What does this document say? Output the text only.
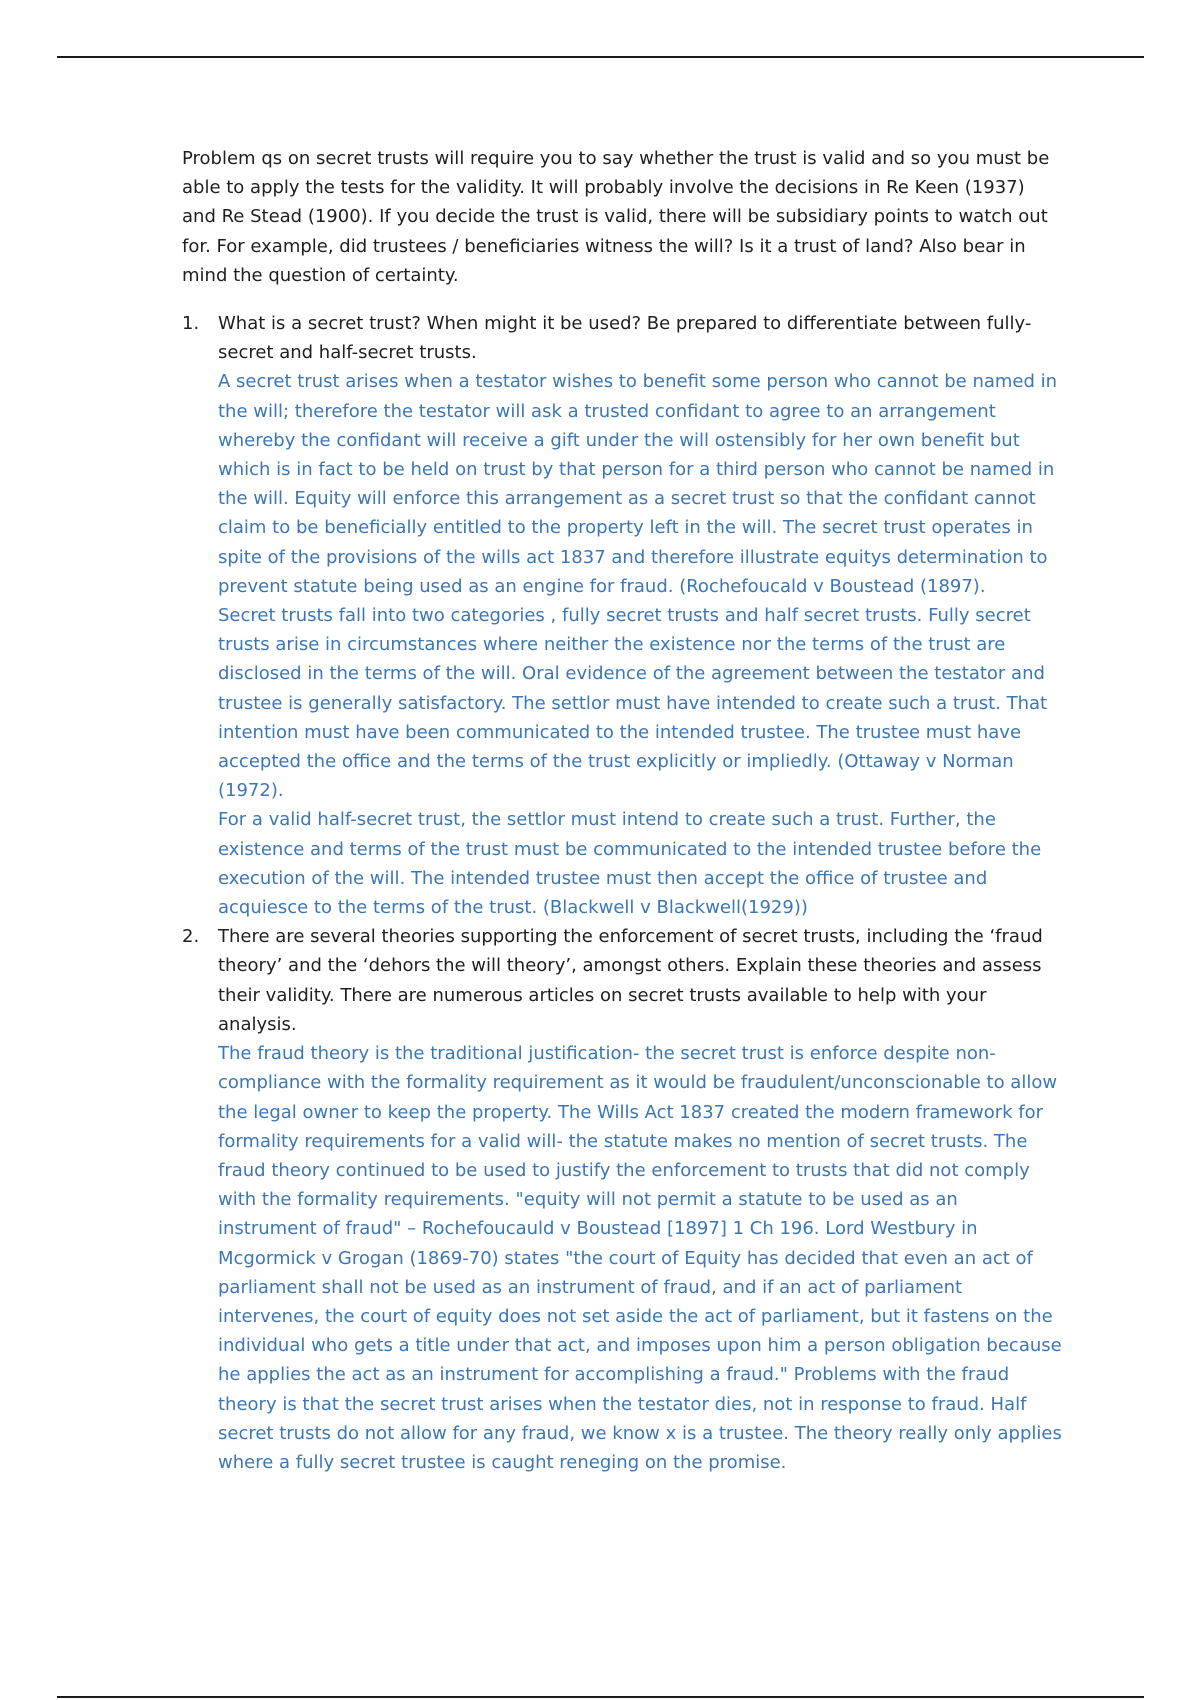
Problem qs on secret trusts will require you to say whether the trust is valid and so you must be able to apply the tests for the validity. It will probably involve the decisions in Re Keen (1937) and Re Stead (1900). If you decide the trust is valid, there will be subsidiary points to watch out for. For example, did trustees / beneficiaries witness the will? Is it a trust of land? Also bear in mind the question of certainty.

1. What is a secret trust? When might it be used? Be prepared to differentiate between fully-secret and half-secret trusts.

A secret trust arises when a testator wishes to benefit some person who cannot be named in the will; therefore the testator will ask a trusted confidant to agree to an arrangement whereby the confidant will receive a gift under the will ostensibly for her own benefit but which is in fact to be held on trust by that person for a third person who cannot be named in the will. Equity will enforce this arrangement as a secret trust so that the confidant cannot claim to be beneficially entitled to the property left in the will. The secret trust operates in spite of the provisions of the wills act 1837 and therefore illustrate equitys determination to prevent statute being used as an engine for fraud. (Rochefoucald v Boustead (1897).

Secret trusts fall into two categories , fully secret trusts and half secret trusts. Fully secret trusts arise in circumstances where neither the existence nor the terms of the trust are disclosed in the terms of the will. Oral evidence of the agreement between the testator and trustee is generally satisfactory. The settlor must have intended to create such a trust. That intention must have been communicated to the intended trustee. The trustee must have accepted the office and the terms of the trust explicitly or impliedly. (Ottaway v Norman (1972).

For a valid half-secret trust, the settlor must intend to create such a trust. Further, the existence and terms of the trust must be communicated to the intended trustee before the execution of the will. The intended trustee must then accept the office of trustee and acquiesce to the terms of the trust. (Blackwell v Blackwell(1929))

2. There are several theories supporting the enforcement of secret trusts, including the ‘fraud theory’ and the ‘dehors the will theory’, amongst others. Explain these theories and assess their validity. There are numerous articles on secret trusts available to help with your analysis.

The fraud theory is the traditional justification- the secret trust is enforce despite non-compliance with the formality requirement as it would be fraudulent/unconscionable to allow the legal owner to keep the property. The Wills Act 1837 created the modern framework for formality requirements for a valid will- the statute makes no mention of secret trusts. The fraud theory continued to be used to justify the enforcement to trusts that did not comply with the formality requirements. "equity will not permit a statute to be used as an instrument of fraud" – Rochefoucauld v Boustead [1897] 1 Ch 196. Lord Westbury in Mcgormick v Grogan (1869-70) states "the court of Equity has decided that even an act of parliament shall not be used as an instrument of fraud, and if an act of parliament intervenes, the court of equity does not set aside the act of parliament, but it fastens on the individual who gets a title under that act, and imposes upon him a person obligation because he applies the act as an instrument for accomplishing a fraud." Problems with the fraud theory is that the secret trust arises when the testator dies, not in response to fraud. Half secret trusts do not allow for any fraud, we know x is a trustee. The theory really only applies where a fully secret trustee is caught reneging on the promise.
